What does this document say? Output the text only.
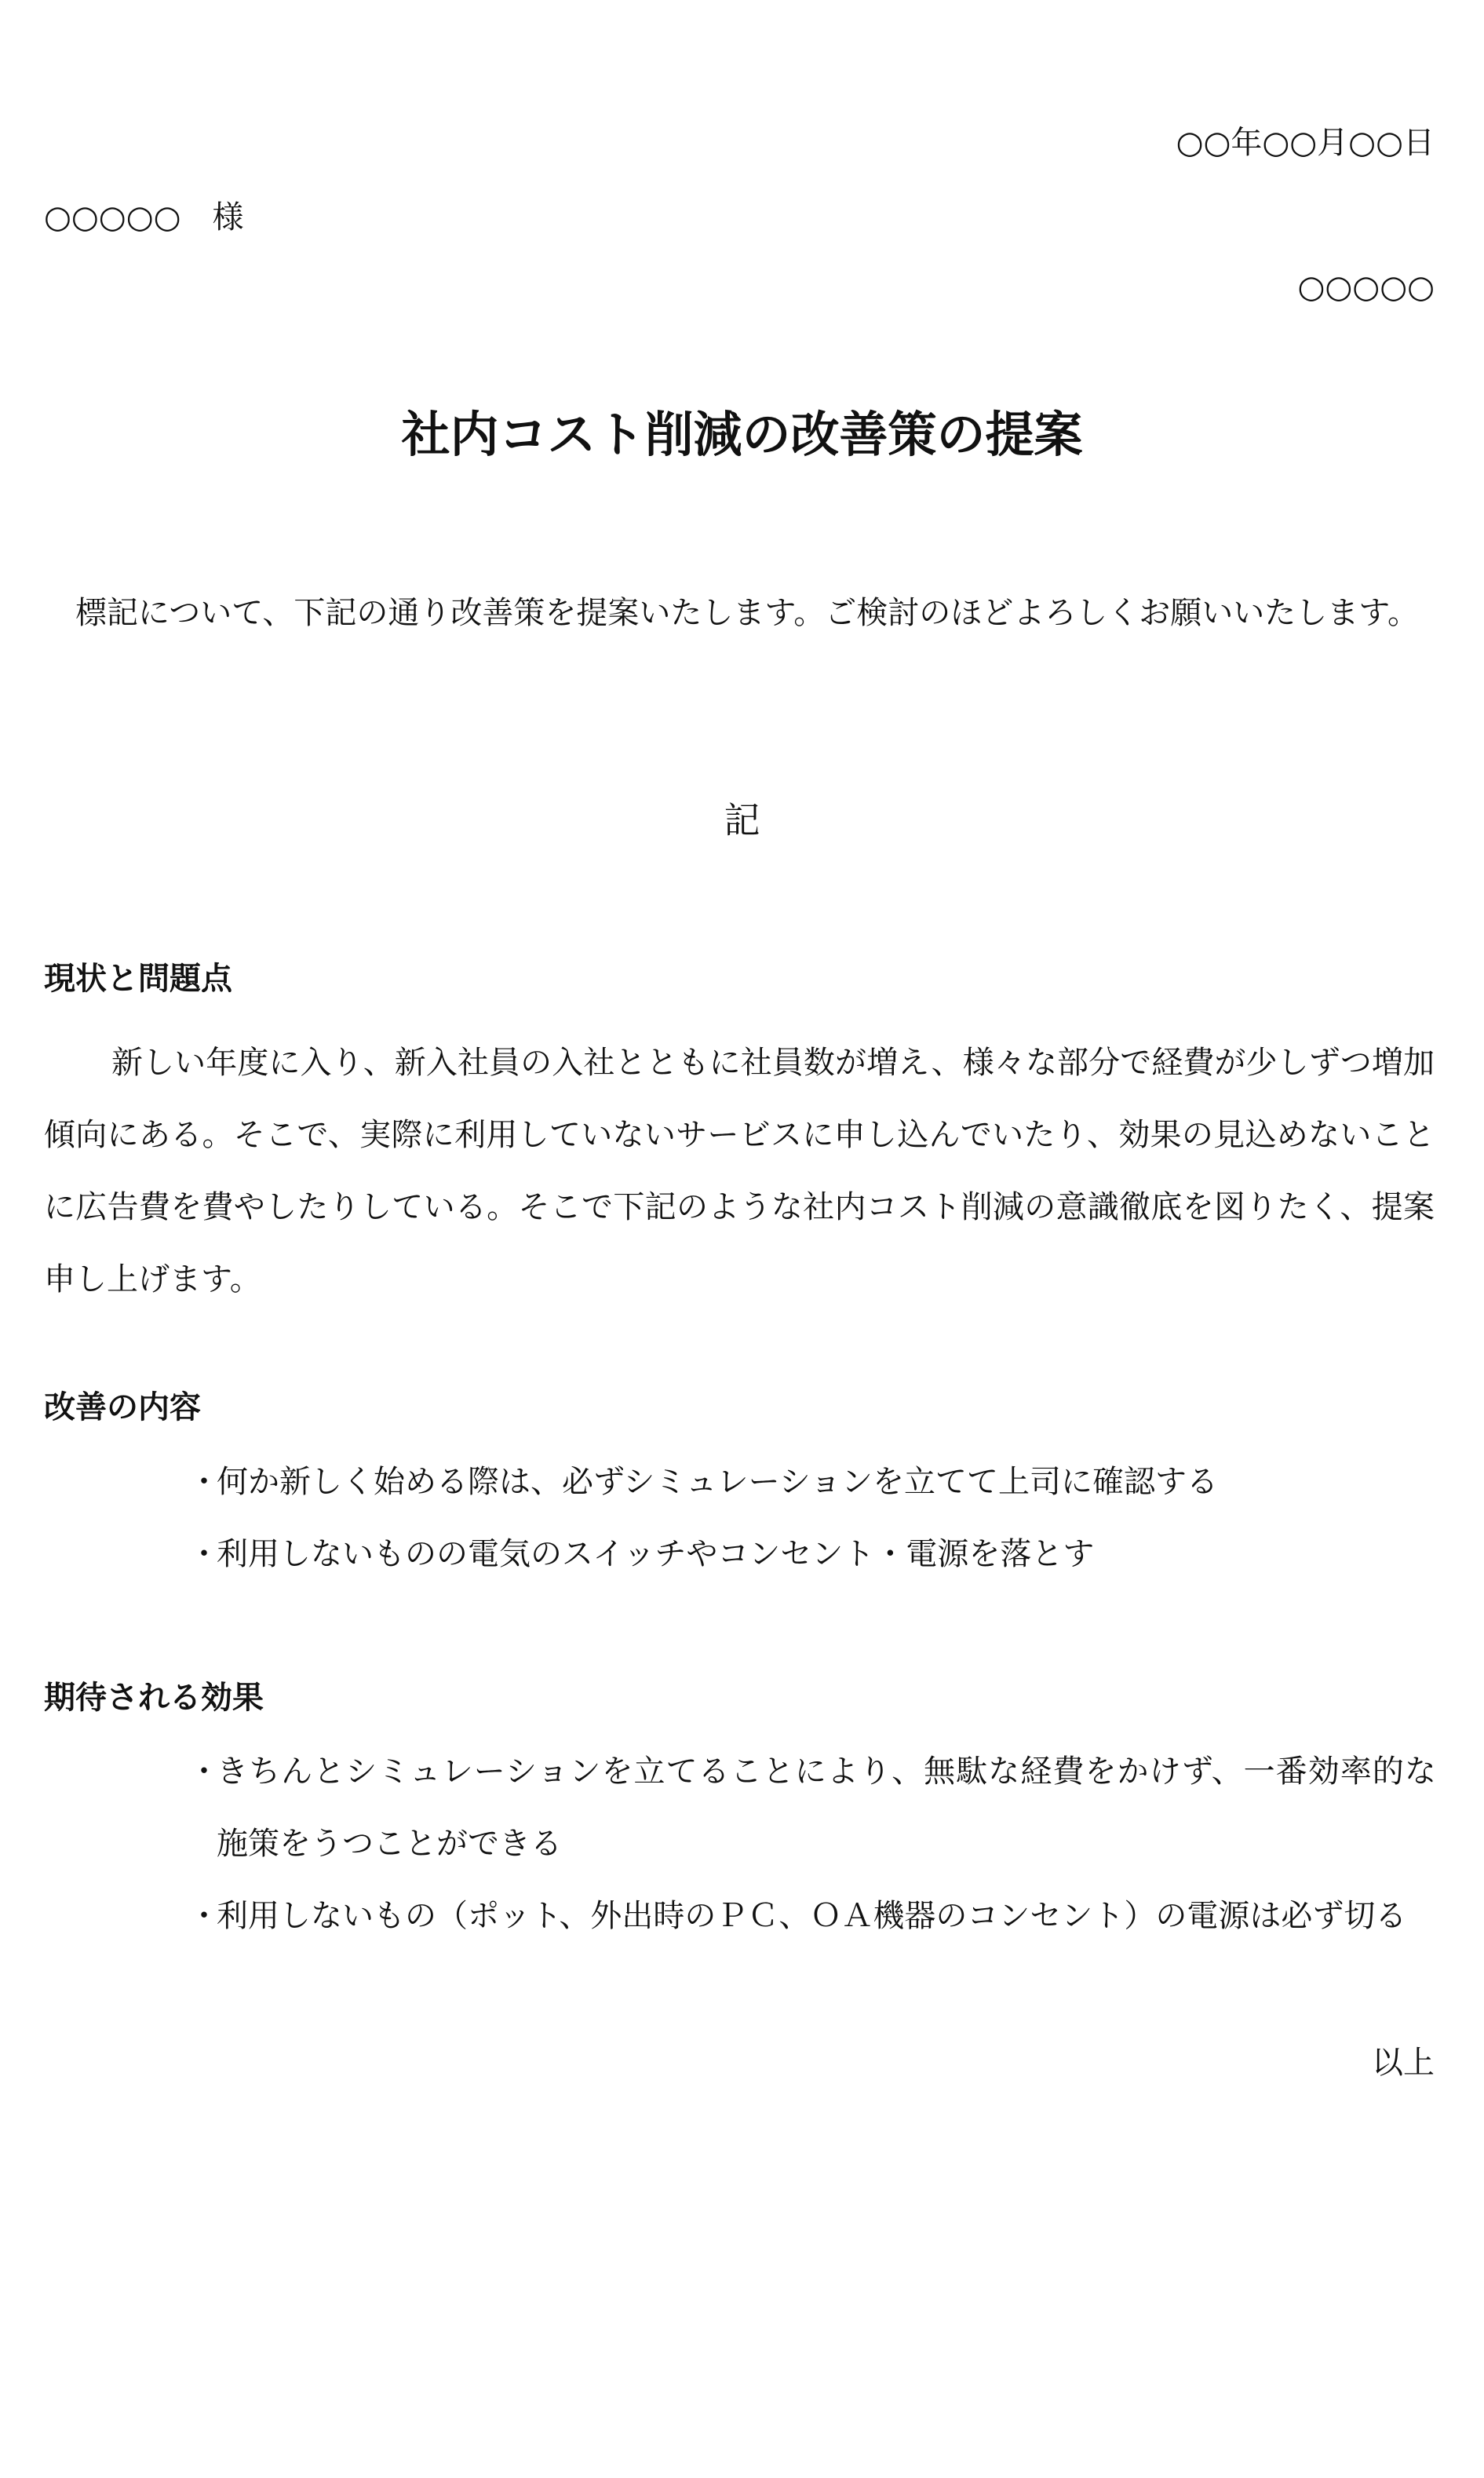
○○年○○月○○日

○○○○○　様

○○○○○

社内コスト削減の改善策の提案

標記について、下記の通り改善策を提案いたします。ご検討のほどよろしくお願いいたします。

記

現状と問題点

新しい年度に入り、新入社員の入社とともに社員数が増え、様々な部分で経費が少しずつ増加傾向にある。そこで、実際に利用していないサービスに申し込んでいたり、効果の見込めないことに広告費を費やしたりしている。そこで下記のような社内コスト削減の意識徹底を図りたく、提案申し上げます。

改善の内容
・
何か新しく始める際は、必ずシミュレーションを立てて上司に確認する
・
利用しないものの電気のスイッチやコンセント・電源を落とす
期待される効果
・
きちんとシミュレーションを立てることにより、無駄な経費をかけず、一番効率的な施策をうつことができる
・
利用しないもの（ポット、外出時のＰＣ、ＯＡ機器のコンセント）の電源は必ず切る

以上
